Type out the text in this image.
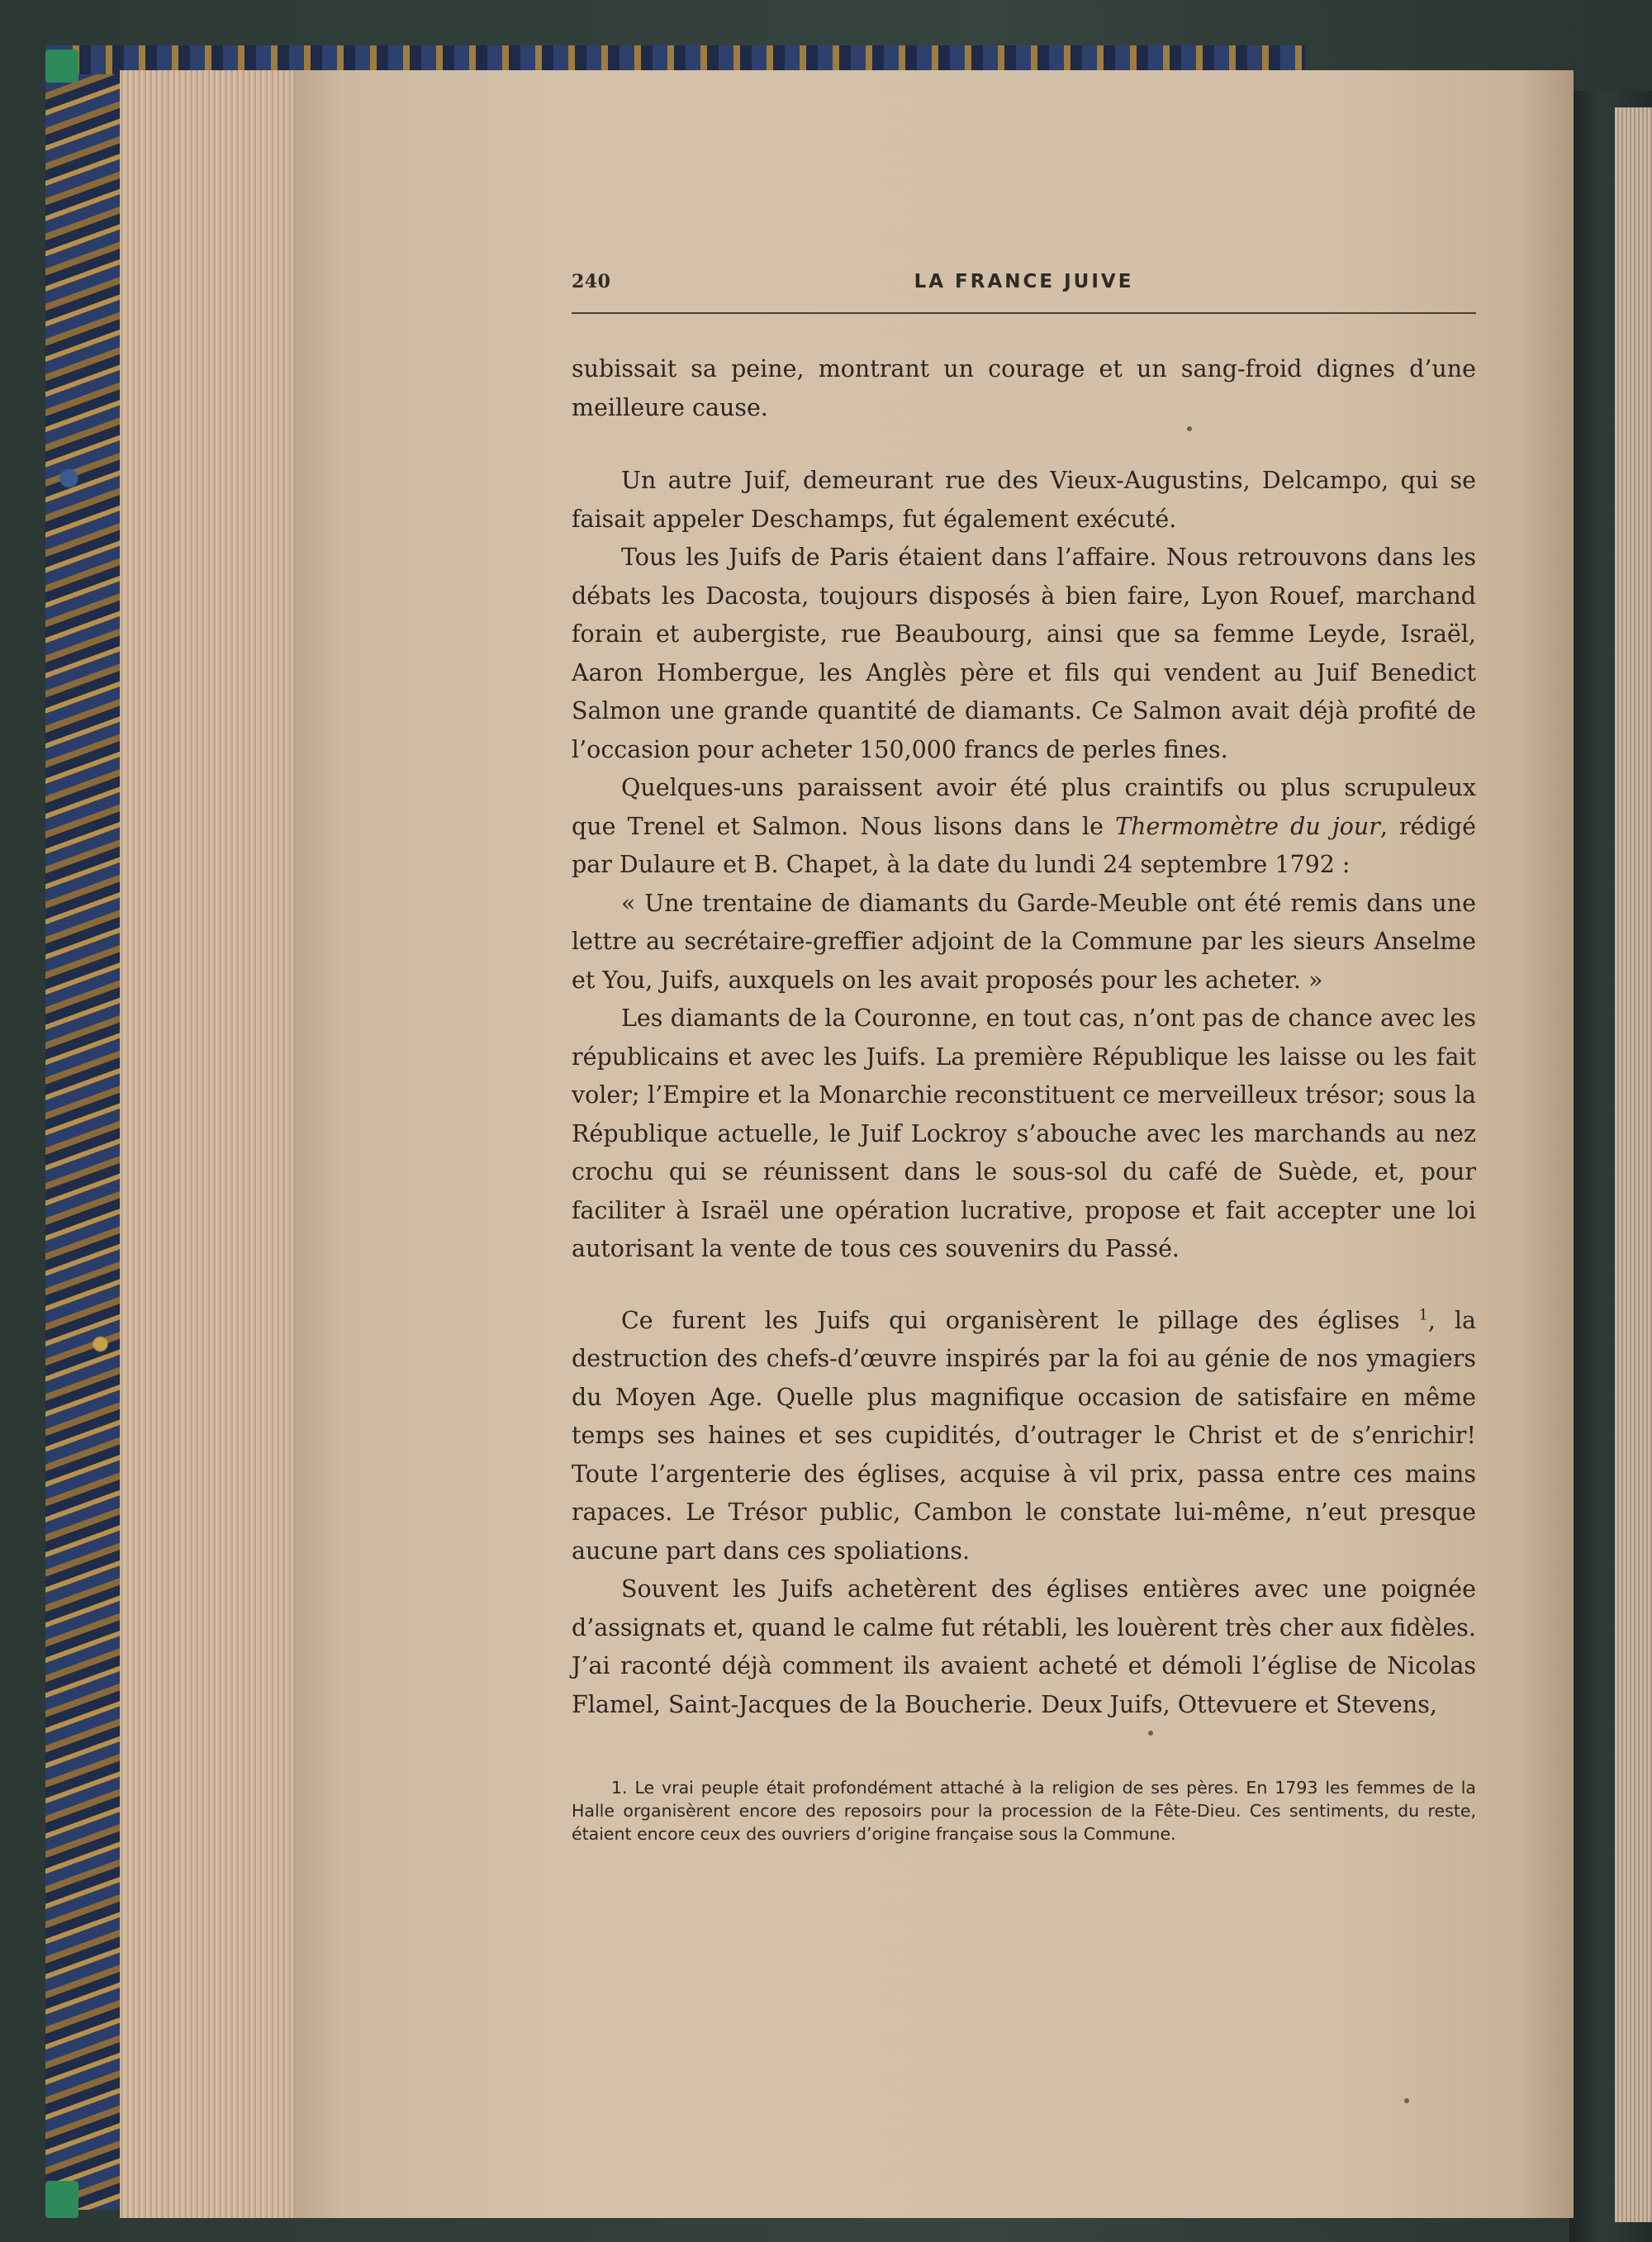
240	LA FRANCE JUIVE

subissait sa peine, montrant un courage et un sang-froid dignes d’une meilleure cause.

Un autre Juif, demeurant rue des Vieux-Augustins, Delcampo, qui se faisait appeler Deschamps, fut également exécuté.

Tous les Juifs de Paris étaient dans l’affaire. Nous retrouvons dans les débats les Dacosta, toujours disposés à bien faire, Lyon Rouef, marchand forain et aubergiste, rue Beaubourg, ainsi que sa femme Leyde, Israël, Aaron Hombergue, les Anglès père et fils qui vendent au Juif Benedict Salmon une grande quantité de diamants. Ce Salmon avait déjà profité de l’occasion pour acheter 150,000 francs de perles fines.

Quelques-uns paraissent avoir été plus craintifs ou plus scrupuleux que Trenel et Salmon. Nous lisons dans le Thermomètre du jour, rédigé par Dulaure et B. Chapet, à la date du lundi 24 septembre 1792 :

« Une trentaine de diamants du Garde-Meuble ont été remis dans une lettre au secrétaire-greffier adjoint de la Commune par les sieurs Anselme et You, Juifs, auxquels on les avait proposés pour les acheter. »

Les diamants de la Couronne, en tout cas, n’ont pas de chance avec les républicains et avec les Juifs. La première République les laisse ou les fait voler; l’Empire et la Monarchie reconstituent ce merveilleux trésor; sous la République actuelle, le Juif Lockroy s’abouche avec les marchands au nez crochu qui se réunissent dans le sous-sol du café de Suède, et, pour faciliter à Israël une opération lucrative, propose et fait accepter une loi autorisant la vente de tous ces souvenirs du Passé.

Ce furent les Juifs qui organisèrent le pillage des églises $^1$, la destruction des chefs-d’œuvre inspirés par la foi au génie de nos ymagiers du Moyen Age. Quelle plus magnifique occasion de satisfaire en même temps ses haines et ses cupidités, d’outrager le Christ et de s’enrichir! Toute l’argenterie des églises, acquise à vil prix, passa entre ces mains rapaces. Le Trésor public, Cambon le constate lui-même, n’eut presque aucune part dans ces spoliations.

Souvent les Juifs achetèrent des églises entières avec une poignée d’assignats et, quand le calme fut rétabli, les louèrent très cher aux fidèles. J’ai raconté déjà comment ils avaient acheté et démoli l’église de Nicolas Flamel, Saint-Jacques de la Boucherie. Deux Juifs, Ottevuere et Stevens,

1. Le vrai peuple était profondément attaché à la religion de ses pères. En 1793 les femmes de la Halle organisèrent encore des reposoirs pour la procession de la Fête-Dieu. Ces sentiments, du reste, étaient encore ceux des ouvriers d’origine française sous la Commune.
